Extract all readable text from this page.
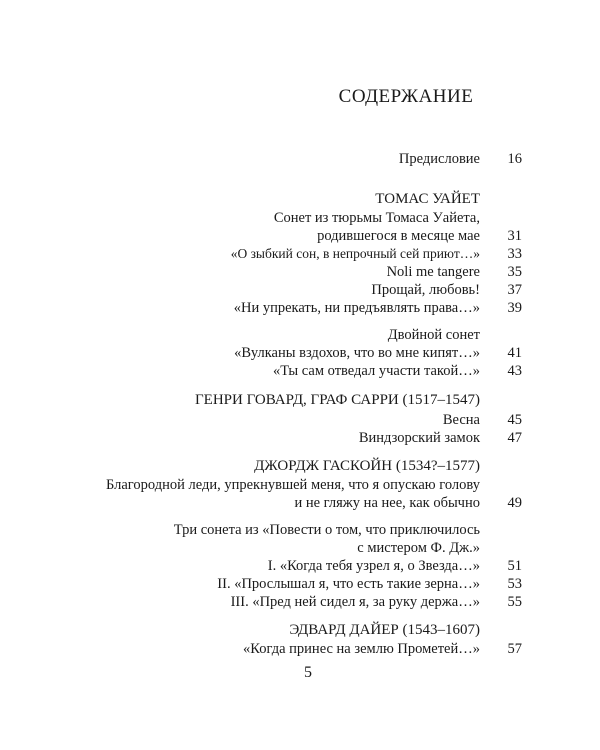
СОДЕРЖАНИЕ
Предисловие	16
ТОМАС УАЙЕТ
Сонет из тюрьмы Томаса Уайета,
родившегося в месяце мае	31
«О зыбкий сон, в непрочный сей приют…»	33
Noli me tangere	35
Прощай, любовь!	37
«Ни упрекать, ни предъявлять права…»	39
Двойной сонет
«Вулканы вздохов, что во мне кипят…»	41
«Ты сам отведал участи такой…»	43
ГЕНРИ ГОВАРД, ГРАФ САРРИ (1517–1547)
Весна	45
Виндзорский замок	47
ДЖОРДЖ ГАСКОЙН (1534?–1577)
Благородной леди, упрекнувшей меня, что я опускаю голову
и не гляжу на нее, как обычно	49
Три сонета из «Повести о том, что приключилось
с мистером Ф. Дж.»
I. «Когда тебя узрел я, о Звезда…»	51
II. «Прослышал я, что есть такие зерна…»	53
III. «Пред ней сидел я, за руку держа…»	55
ЭДВАРД ДАЙЕР (1543–1607)
«Когда принес на землю Прометей…»	57
5
